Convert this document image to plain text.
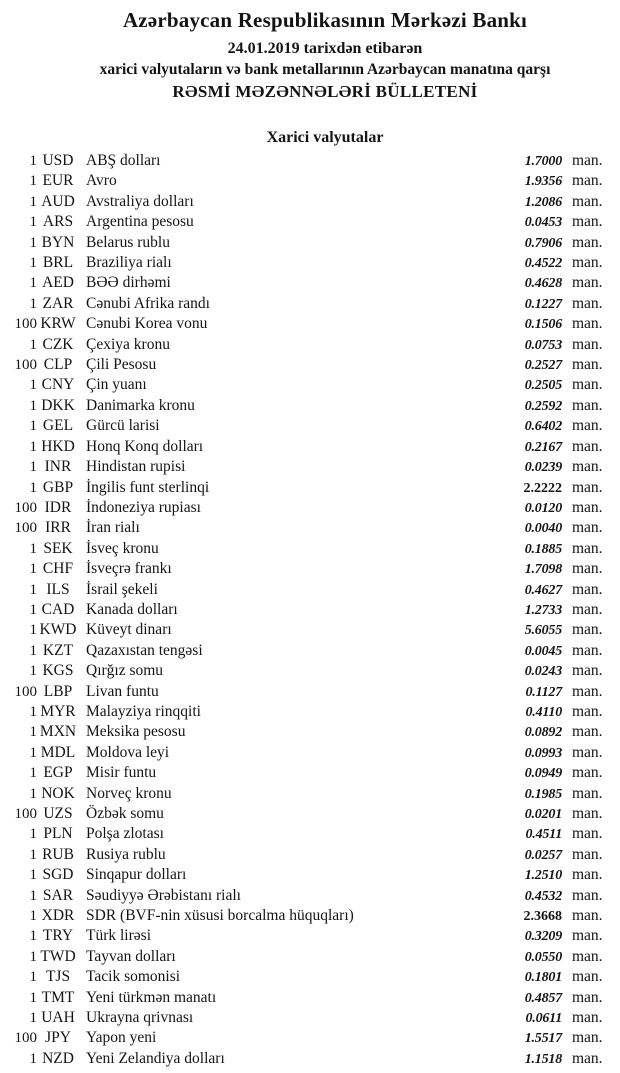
Azərbaycan Respublikasının Mərkəzi Bankı
24.01.2019 tarixdən etibarən
xarici valyutaların və bank metallarının Azərbaycan manatına qarşı
RƏSMİ MƏZƏNNƏLƏRİ BÜLLETENİ
Xarici valyutalar
1 USD ABŞ dolları	1.7000 man.
1 EUR Avro	1.9356 man.
1 AUD Avstraliya dolları	1.2086 man.
1 ARS Argentina pesosu	0.0453 man.
1 BYN Belarus rublu	0.7906 man.
1 BRL Braziliya rialı	0.4522 man.
1 AED BƏƏ dirhəmi	0.4628 man.
1 ZAR Cənubi Afrika randı	0.1227 man.
100 KRW Cənubi Korea vonu	0.1506 man.
1 CZK Çexiya kronu	0.0753 man.
100 CLP Çili Pesosu	0.2527 man.
1 CNY Çin yuanı	0.2505 man.
1 DKK Danimarka kronu	0.2592 man.
1 GEL Gürcü larisi	0.6402 man.
1 HKD Honq Konq dolları	0.2167 man.
1 INR Hindistan rupisi	0.0239 man.
1 GBP İngilis funt sterlinqi	2.2222 man.
100 IDR İndoneziya rupiası	0.0120 man.
100 IRR İran rialı	0.0040 man.
1 SEK İsveç kronu	0.1885 man.
1 CHF İsveçrə frankı	1.7098 man.
1 ILS	İsrail şekeli	0.4627 man.
1 CAD Kanada dolları	1.2733 man.
1 KWD Küveyt dinarı	5.6055 man.
1 KZT Qazaxıstan tengəsi	0.0045 man.
1 KGS Qırğız somu	0.0243 man.
100 LBP Livan funtu	0.1127 man.
1 MYR Malayziya rinqqiti	0.4110 man.
1 MXN Meksika pesosu	0.0892 man.
1 MDL Moldova leyi	0.0993 man.
1 EGP Misir funtu	0.0949 man.
1 NOK Norveç kronu	0.1985 man.
100 UZS Özbək somu	0.0201 man.
1 PLN Polşa zlotası	0.4511 man.
1 RUB Rusiya rublu	0.0257 man.
1 SGD Sinqapur dolları	1.2510 man.
1 SAR Səudiyyə Ərəbistanı rialı	0.4532 man.
1 XDR SDR (BVF-nin xüsusi borcalma hüquqları)	2.3668 man.
1 TRY Türk lirəsi	0.3209 man.
1 TWD Tayvan dolları	0.0550 man.
1 TJS	Tacik somonisi	0.1801 man.
1 TMT Yeni türkmən manatı	0.4857 man.
1 UAH Ukrayna qrivnası	0.0611 man.
100 JPY Yapon yeni	1.5517 man.
1 NZD Yeni Zelandiya dolları	1.1518 man.
